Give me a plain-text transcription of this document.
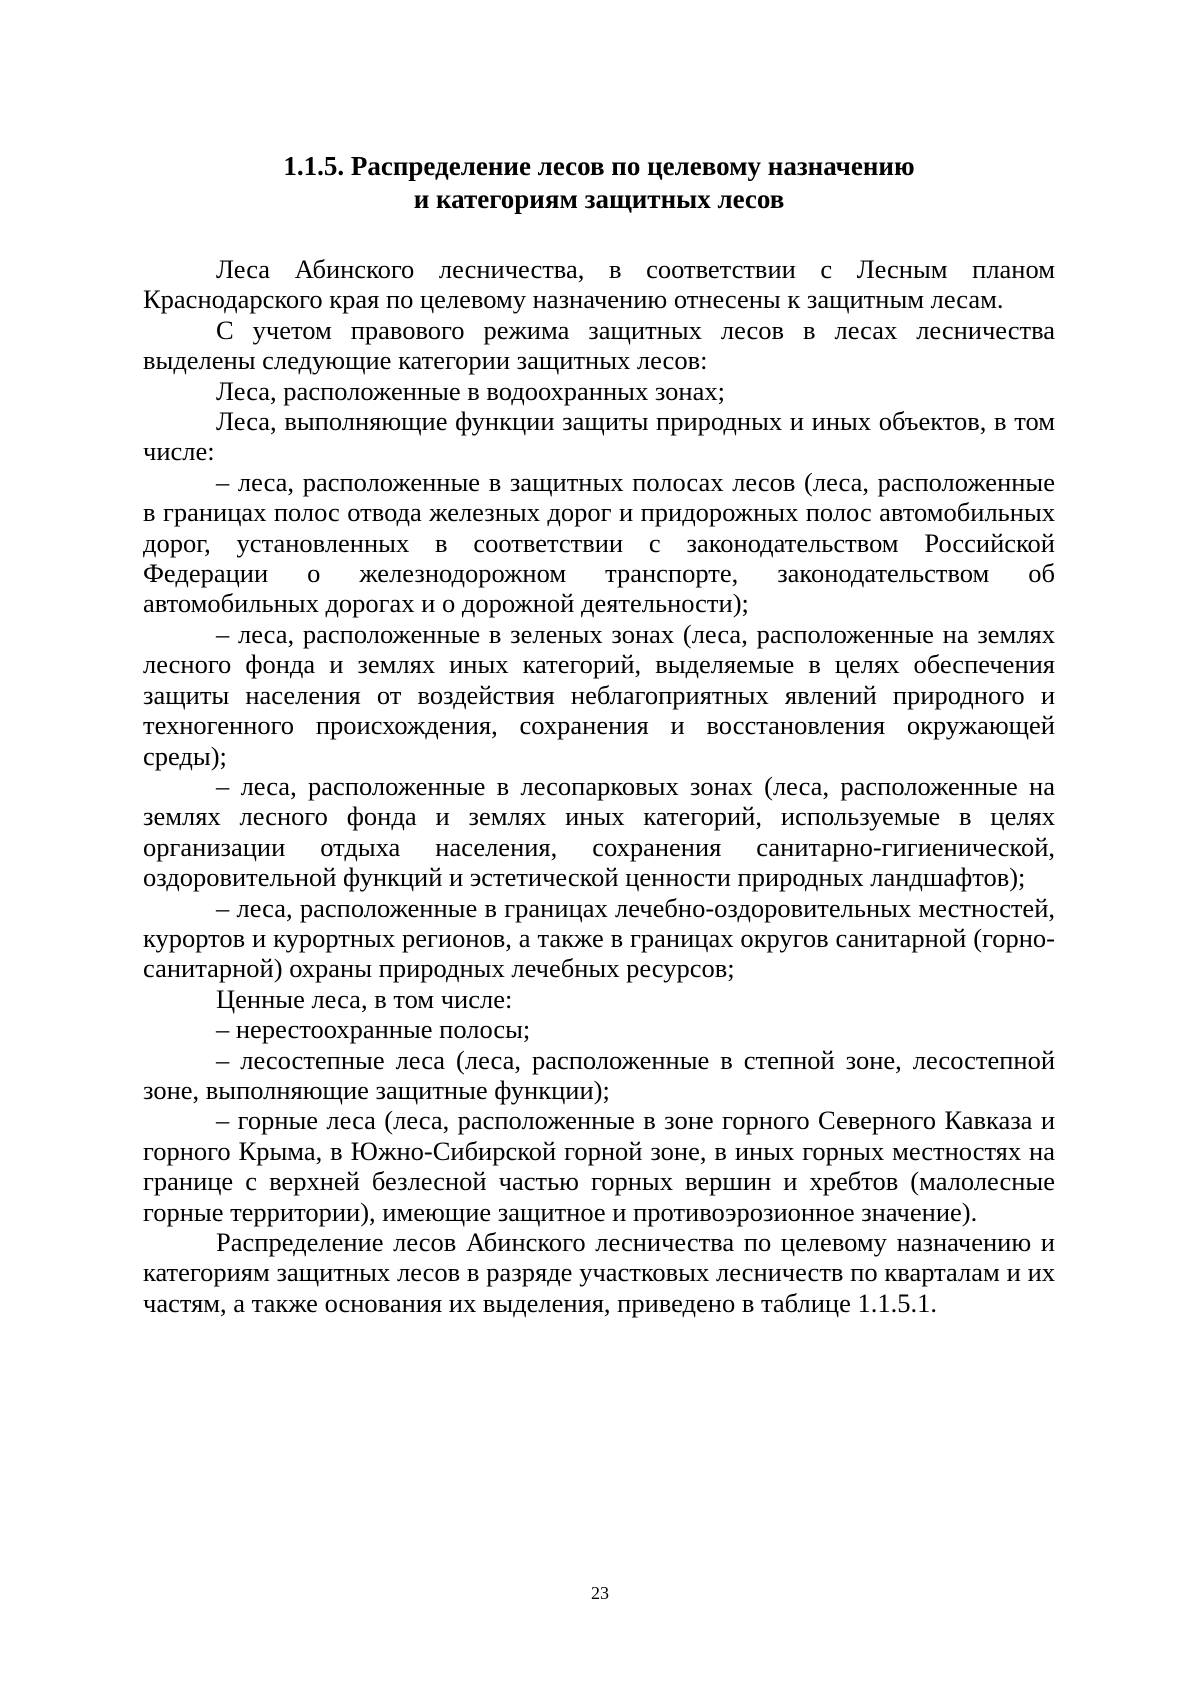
1.1.5. Распределение лесов по целевому назначению
и категориям защитных лесов

Леса Абинского лесничества, в соответствии с Лесным планом Краснодарского края по целевому назначению отнесены к защитным лесам.

С учетом правового режима защитных лесов в лесах лесничества выделены следующие категории защитных лесов:

Леса, расположенные в водоохранных зонах;

Леса, выполняющие функции защиты природных и иных объектов, в том числе:

– леса, расположенные в защитных полосах лесов (леса, расположенные в границах полос отвода железных дорог и придорожных полос автомобильных дорог, установленных в соответствии с законодательством Российской Федерации о железнодорожном транспорте, законодательством об автомобильных дорогах и о дорожной деятельности);

– леса, расположенные в зеленых зонах (леса, расположенные на землях лесного фонда и землях иных категорий, выделяемые в целях обеспечения защиты населения от воздействия неблагоприятных явлений природного и техногенного происхождения, сохранения и восстановления окружающей среды);

– леса, расположенные в лесопарковых зонах (леса, расположенные на землях лесного фонда и землях иных категорий, используемые в целях организации отдыха населения, сохранения санитарно-гигиенической, оздоровительной функций и эстетической ценности природных ландшафтов);

– леса, расположенные в границах лечебно-оздоровительных местностей, курортов и курортных регионов, а также в границах округов санитарной (горно-санитарной) охраны природных лечебных ресурсов;

Ценные леса, в том числе:

– нерестоохранные полосы;

– лесостепные леса (леса, расположенные в степной зоне, лесостепной зоне, выполняющие защитные функции);

– горные леса (леса, расположенные в зоне горного Северного Кавказа и горного Крыма, в Южно-Сибирской горной зоне, в иных горных местностях на границе с верхней безлесной частью горных вершин и хребтов (малолесные горные территории), имеющие защитное и противоэрозионное значение).

Распределение лесов Абинского лесничества по целевому назначению и категориям защитных лесов в разряде участковых лесничеств по кварталам и их частям, а также основания их выделения, приведено в таблице 1.1.5.1.

23
